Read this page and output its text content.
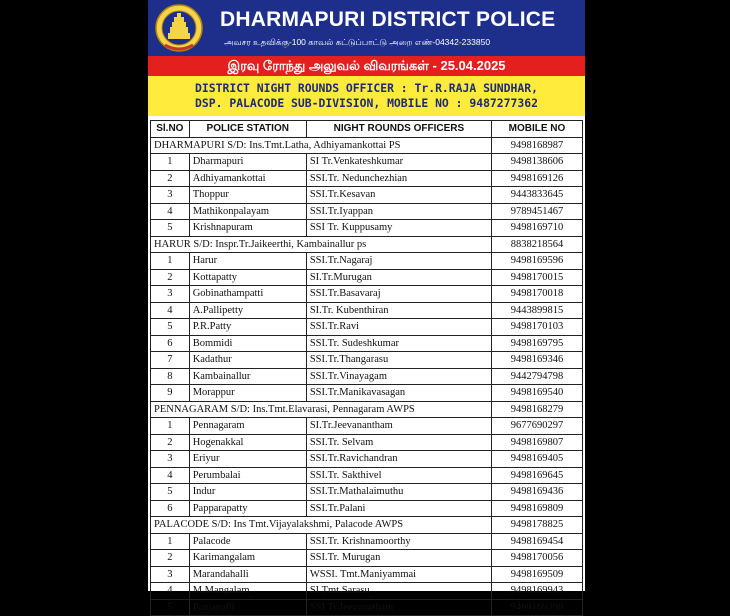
DHARMAPURI DISTRICT POLICE
அவசர உதவிக்கு-100 காவல் கட்டுப்பாட்டு அறை எண்-04342-233850
இரவு ரோந்து அலுவல் விவரங்கள் - 25.04.2025
DISTRICT NIGHT ROUNDS OFFICER : Tr.R.RAJA SUNDHAR,
DSP. PALACODE SUB-DIVISION, MOBILE NO : 9487277362
Sl.NO	POLICE STATION	NIGHT ROUNDS OFFICERS	MOBILE NO
DHARMAPURI S/D: Ins.Tmt.Latha, Adhiyamankottai PS			9498168987
1	Dharmapuri	SI Tr.Venkateshkumar	9498138606
2	Adhiyamankottai	SSI.Tr. Nedunchezhian	9498169126
3	Thoppur	SSI.Tr.Kesavan	9443833645
4	Mathikonpalayam	SSI.Tr.Iyappan	9789451467
5	Krishnapuram	SSI Tr. Kuppusamy	9498169710
HARUR S/D: Inspr.Tr.Jaikeerthi, Kambainallur ps			8838218564
1	Harur	SSI.Tr.Nagaraj	9498169596
2	Kottapatty	SI.Tr.Murugan	9498170015
3	Gobinathampatti	SSI.Tr.Basavaraj	9498170018
4	A.Pallipetty	SI.Tr. Kubenthiran	9443899815
5	P.R.Patty	SSI.Tr.Ravi	9498170103
6	Bommidi	SSI.Tr. Sudeshkumar	9498169795
7	Kadathur	SSI.Tr.Thangarasu	9498169346
8	Kambainallur	SSI.Tr.Vinayagam	9442794798
9	Morappur	SSI.Tr.Manikavasagan	9498169540
PENNAGARAM S/D: Ins.Tmt.Elavarasi, Pennagaram AWPS			9498168279
1	Pennagaram	SI.Tr.Jeevanantham	9677690297
2	Hogenakkal	SSI.Tr. Selvam	9498169807
3	Eriyur	SSI.Tr.Ravichandran	9498169405
4	Perumbalai	SSI.Tr. Sakthivel	9498169645
5	Indur	SSI.Tr.Mathalaimuthu	9498169436
6	Papparapatty	SSI.Tr.Palani	9498169809
PALACODE S/D: Ins Tmt.Vijayalakshmi, Palacode AWPS			9498178825
1	Palacode	SSI.Tr. Krishnamoorthy	9498169454
2	Karimangalam	SSI.Tr. Murugan	9498170056
3	Marandahalli	WSSI. Tmt.Maniyammai	9498169509
4	M.Mangalam	SI Tmt.Sarasu	9498169943
5	Panjapalli	SSI Tr.Jeevanatham	9498169398
